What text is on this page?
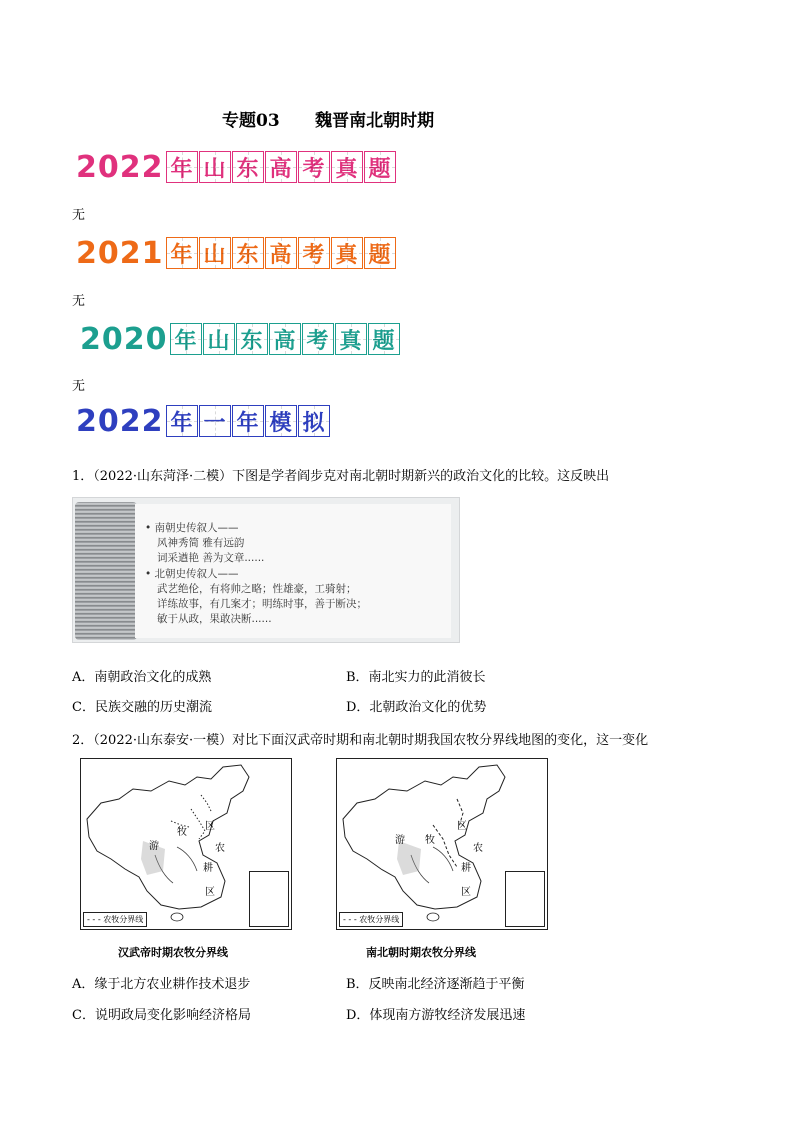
专题03      魏晋南北朝时期
2022 年 山 东 高 考 真 题
无
2021 年 山 东 高 考 真 题
无
2020 年 山 东 高 考 真 题
无
2022 年 一 年 模 拟
1．（2022·山东菏泽·二模）下图是学者阎步克对南北朝时期新兴的政治文化的比较。这反映出
• 南朝史传叙人——
风神秀简 雅有远韵
词采遒艳 善为文章......
• 北朝史传叙人——
武艺绝伦，有将帅之略；性雄豪，工骑射；
详练故事，有几案才；明练时事，善于断决；
敏于从政，果敢决断......
A．南朝政治文化的成熟	B．南北实力的此消彼长
C．民族交融的历史潮流	D．北朝政治文化的优势
2．（2022·山东泰安·一模）对比下面汉武帝时期和南北朝时期我国农牧分界线地图的变化，这一变化
游
牧
区
农
耕
区
- - - 农牧分界线
汉武帝时期农牧分界线
游 牧
区
农
耕
区
- - - 农牧分界线
南北朝时期农牧分界线
A．缘于北方农业耕作技术退步	B．反映南北经济逐渐趋于平衡
C．说明政局变化影响经济格局	D．体现南方游牧经济发展迅速
